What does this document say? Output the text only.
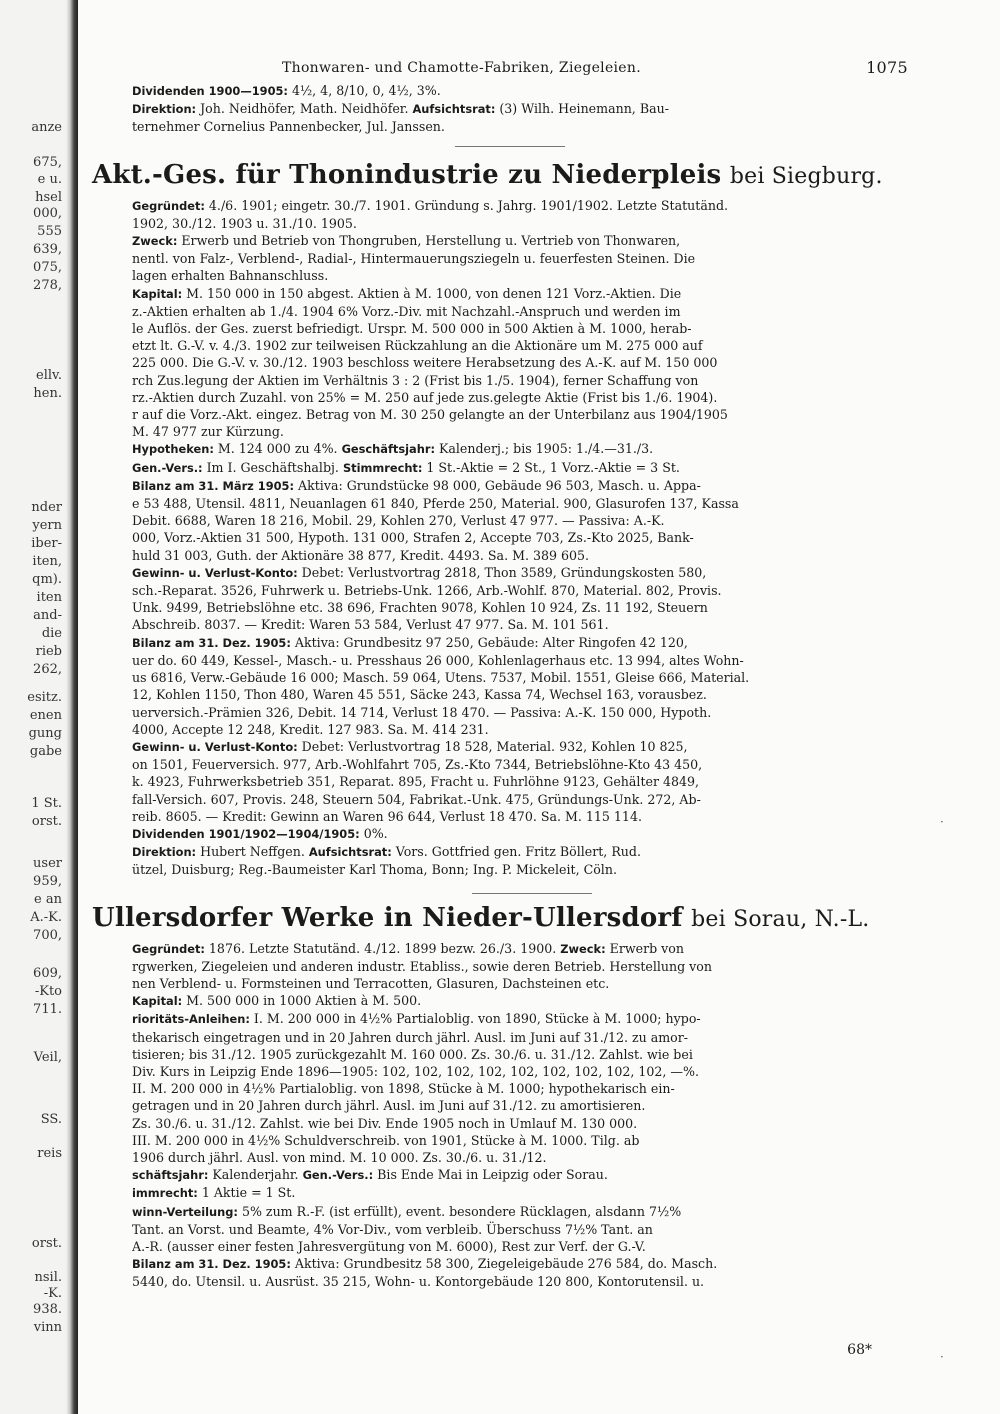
anze
675,
e u.
hsel
000,
555
639,
075,
278,
ellv.
hen.
nder
yern
iber-
iten,
qm).
iten
and-
die
rieb
262,
esitz.
enen
gung
gabe
1 St.
orst.
user
959,
e an
A.-K.
700,
609,
-Kto
711.
Veil,
SS.
reis
orst.
nsil.
-K.
938.
vinn
Thonwaren- und Chamotte-Fabriken, Ziegeleien.	1075

Dividenden 1900—1905: 4½, 4, 8/10, 0, 4½, 3%.

Direktion: Joh. Neidhöfer, Math. Neidhöfer. Aufsichtsrat: (3) Wilh. Heinemann, Bau-

ternehmer Cornelius Pannenbecker, Jul. Janssen.

Akt.-Ges. für Thonindustrie zu Niederpleis bei Siegburg.

Gegründet: 4./6. 1901; eingetr. 30./7. 1901. Gründung s. Jahrg. 1901/1902. Letzte Statutänd.

1902, 30./12. 1903 u. 31./10. 1905.

Zweck: Erwerb und Betrieb von Thongruben, Herstellung u. Vertrieb von Thonwaren,

nentl. von Falz-, Verblend-, Radial-, Hintermauerungsziegeln u. feuerfesten Steinen. Die

lagen erhalten Bahnanschluss.

Kapital: M. 150 000 in 150 abgest. Aktien à M. 1000, von denen 121 Vorz.-Aktien. Die

z.-Aktien erhalten ab 1./4. 1904 6% Vorz.-Div. mit Nachzahl.-Anspruch und werden im

le Auflös. der Ges. zuerst befriedigt. Urspr. M. 500 000 in 500 Aktien à M. 1000, herab-

etzt lt. G.-V. v. 4./3. 1902 zur teilweisen Rückzahlung an die Aktionäre um M. 275 000 auf

225 000. Die G.-V. v. 30./12. 1903 beschloss weitere Herabsetzung des A.-K. auf M. 150 000

rch Zus.legung der Aktien im Verhältnis 3 : 2 (Frist bis 1./5. 1904), ferner Schaffung von

rz.-Aktien durch Zuzahl. von 25% = M. 250 auf jede zus.gelegte Aktie (Frist bis 1./6. 1904).

r auf die Vorz.-Akt. eingez. Betrag von M. 30 250 gelangte an der Unterbilanz aus 1904/1905

M. 47 977 zur Kürzung.

Hypotheken: M. 124 000 zu 4%. Geschäftsjahr: Kalenderj.; bis 1905: 1./4.—31./3.

Gen.-Vers.: Im I. Geschäftshalbj. Stimmrecht: 1 St.-Aktie = 2 St., 1 Vorz.-Aktie = 3 St.

Bilanz am 31. März 1905: Aktiva: Grundstücke 98 000, Gebäude 96 503, Masch. u. Appa-

e 53 488, Utensil. 4811, Neuanlagen 61 840, Pferde 250, Material. 900, Glasurofen 137, Kassa

Debit. 6688, Waren 18 216, Mobil. 29, Kohlen 270, Verlust 47 977. — Passiva: A.-K.

000, Vorz.-Aktien 31 500, Hypoth. 131 000, Strafen 2, Accepte 703, Zs.-Kto 2025, Bank-

huld 31 003, Guth. der Aktionäre 38 877, Kredit. 4493. Sa. M. 389 605.

Gewinn- u. Verlust-Konto: Debet: Verlustvortrag 2818, Thon 3589, Gründungskosten 580,

sch.-Reparat. 3526, Fuhrwerk u. Betriebs-Unk. 1266, Arb.-Wohlf. 870, Material. 802, Provis.

Unk. 9499, Betriebslöhne etc. 38 696, Frachten 9078, Kohlen 10 924, Zs. 11 192, Steuern

Abschreib. 8037. — Kredit: Waren 53 584, Verlust 47 977. Sa. M. 101 561.

Bilanz am 31. Dez. 1905: Aktiva: Grundbesitz 97 250, Gebäude: Alter Ringofen 42 120,

uer do. 60 449, Kessel-, Masch.- u. Presshaus 26 000, Kohlenlagerhaus etc. 13 994, altes Wohn-

us 6816, Verw.-Gebäude 16 000; Masch. 59 064, Utens. 7537, Mobil. 1551, Gleise 666, Material.

12, Kohlen 1150, Thon 480, Waren 45 551, Säcke 243, Kassa 74, Wechsel 163, vorausbez.

uerversich.-Prämien 326, Debit. 14 714, Verlust 18 470. — Passiva: A.-K. 150 000, Hypoth.

4000, Accepte 12 248, Kredit. 127 983. Sa. M. 414 231.

Gewinn- u. Verlust-Konto: Debet: Verlustvortrag 18 528, Material. 932, Kohlen 10 825,

on 1501, Feuerversich. 977, Arb.-Wohlfahrt 705, Zs.-Kto 7344, Betriebslöhne-Kto 43 450,

k. 4923, Fuhrwerksbetrieb 351, Reparat. 895, Fracht u. Fuhrlöhne 9123, Gehälter 4849,

fall-Versich. 607, Provis. 248, Steuern 504, Fabrikat.-Unk. 475, Gründungs-Unk. 272, Ab-

reib. 8605. — Kredit: Gewinn an Waren 96 644, Verlust 18 470. Sa. M. 115 114.

Dividenden 1901/1902—1904/1905: 0%.

Direktion: Hubert Neffgen. Aufsichtsrat: Vors. Gottfried gen. Fritz Böllert, Rud.

ützel, Duisburg; Reg.-Baumeister Karl Thoma, Bonn; Ing. P. Mickeleit, Cöln.

Ullersdorfer Werke in Nieder-Ullersdorf bei Sorau, N.-L.

Gegründet: 1876. Letzte Statutänd. 4./12. 1899 bezw. 26./3. 1900. Zweck: Erwerb von

rgwerken, Ziegeleien und anderen industr. Etabliss., sowie deren Betrieb. Herstellung von

nen Verblend- u. Formsteinen und Terracotten, Glasuren, Dachsteinen etc.

Kapital: M. 500 000 in 1000 Aktien à M. 500.

rioritäts-Anleihen: I. M. 200 000 in 4½% Partialoblig. von 1890, Stücke à M. 1000; hypo-

thekarisch eingetragen und in 20 Jahren durch jährl. Ausl. im Juni auf 31./12. zu amor-

tisieren; bis 31./12. 1905 zurückgezahlt M. 160 000. Zs. 30./6. u. 31./12. Zahlst. wie bei

Div. Kurs in Leipzig Ende 1896—1905: 102, 102, 102, 102, 102, 102, 102, 102, 102, —%.

II. M. 200 000 in 4½% Partialoblig. von 1898, Stücke à M. 1000; hypothekarisch ein-

getragen und in 20 Jahren durch jährl. Ausl. im Juni auf 31./12. zu amortisieren.

Zs. 30./6. u. 31./12. Zahlst. wie bei Div. Ende 1905 noch in Umlauf M. 130 000.

III. M. 200 000 in 4½% Schuldverschreib. von 1901, Stücke à M. 1000. Tilg. ab

1906 durch jährl. Ausl. von mind. M. 10 000. Zs. 30./6. u. 31./12.

schäftsjahr: Kalenderjahr. Gen.-Vers.: Bis Ende Mai in Leipzig oder Sorau.

immrecht: 1 Aktie = 1 St.

winn-Verteilung: 5% zum R.-F. (ist erfüllt), event. besondere Rücklagen, alsdann 7½%

Tant. an Vorst. und Beamte, 4% Vor-Div., vom verbleib. Überschuss 7½% Tant. an

A.-R. (ausser einer festen Jahresvergütung von M. 6000), Rest zur Verf. der G.-V.

Bilanz am 31. Dez. 1905: Aktiva: Grundbesitz 58 300, Ziegeleigebäude 276 584, do. Masch.

5440, do. Utensil. u. Ausrüst. 35 215, Wohn- u. Kontorgebäude 120 800, Kontorutensil. u.

68*
·
·
